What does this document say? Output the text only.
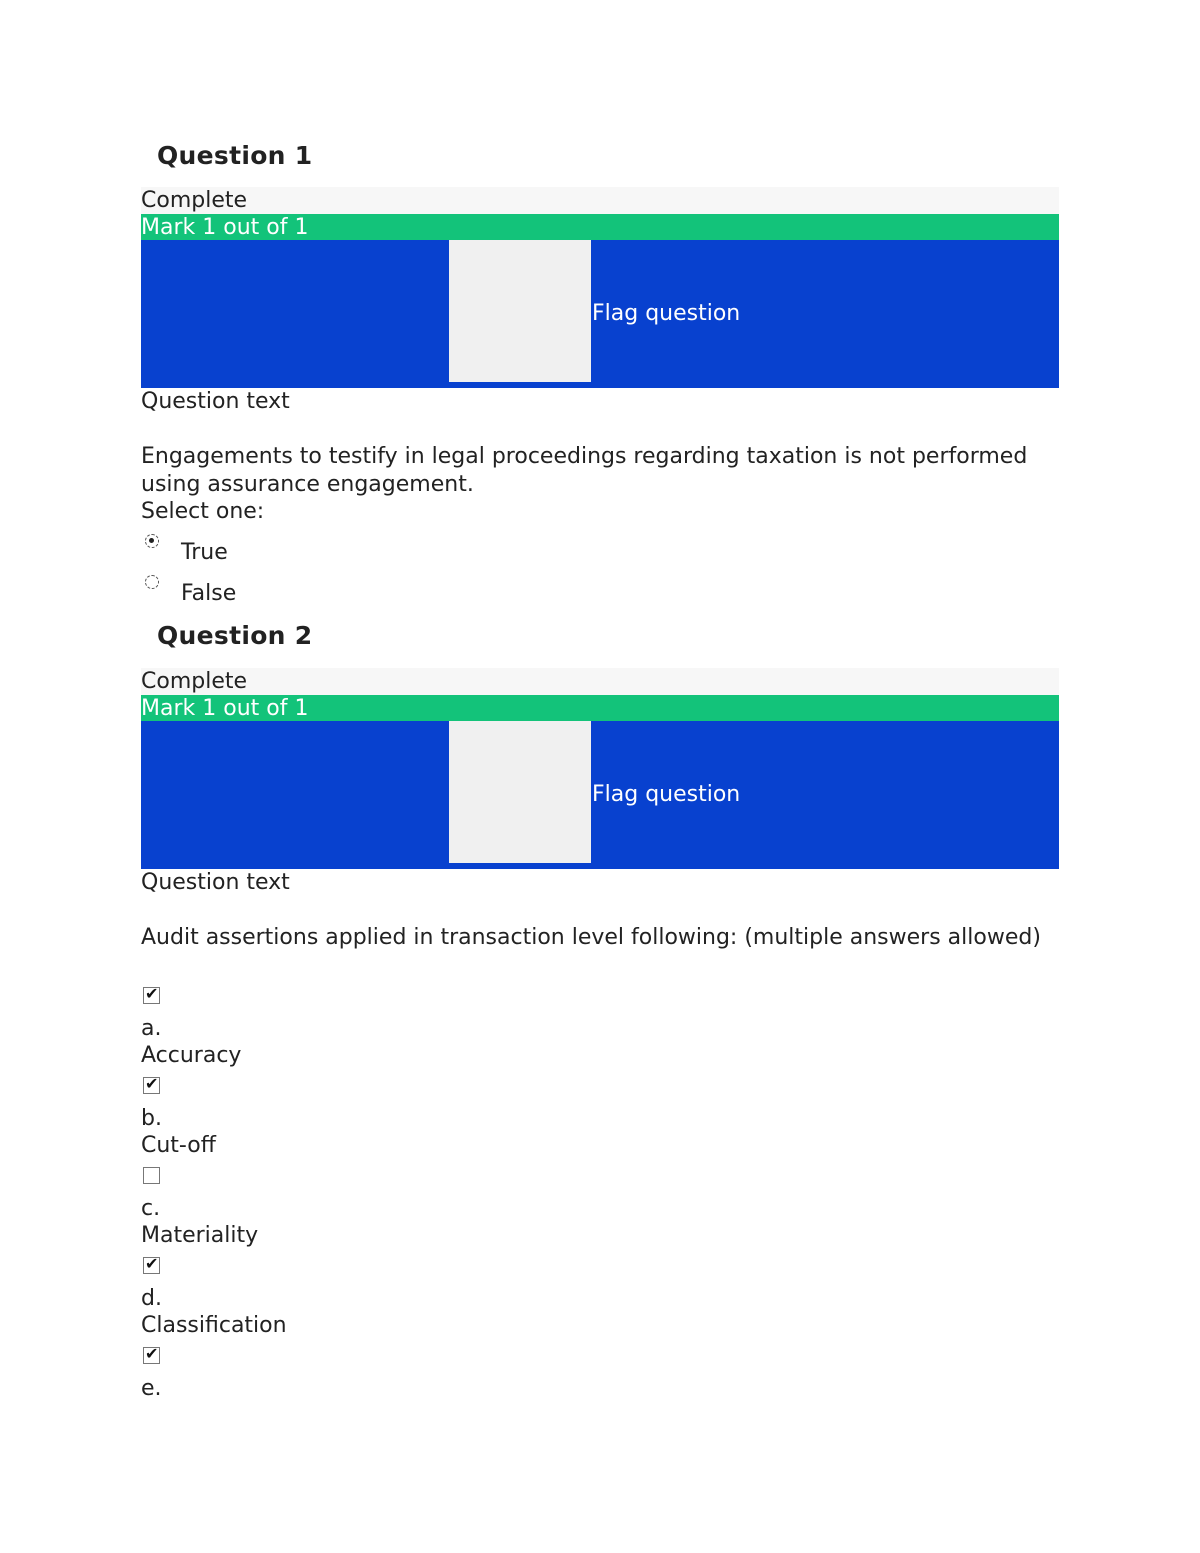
Question 1
Complete
Mark 1 out of 1
Flag question
Question text
Engagements to testify in legal proceedings regarding taxation is not performed using assurance engagement.
Select one:
True
False
Question 2
Complete
Mark 1 out of 1
Flag question
Question text
Audit assertions applied in transaction level following: (multiple answers allowed)
✔
a.
Accuracy
✔
b.
Cut-off
c.
Materiality
✔
d.
Classification
✔
e.
